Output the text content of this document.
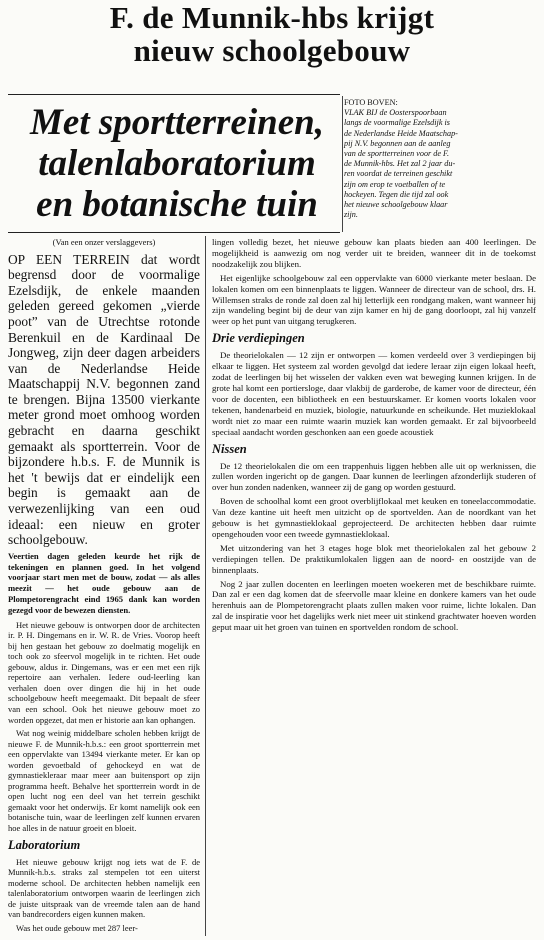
F. de Munnik-hbs krijgt
nieuw schoolgebouw
Met sportterreinen,
talenlaboratorium
en botanische tuin
FOTO BOVEN:
VLAK BIJ de Oosterspoorbaan
langs de voormalige Ezelsdijk is
de Nederlandse Heide Maatschap-
pij N.V. begonnen aan de aanleg
van de sportterreinen voor de F.
de Munnik-hbs. Het zal 2 jaar du-
ren voordat de terreinen geschikt
zijn om erop te voetballen of te
hockeyen. Tegen die tijd zal ook
het nieuwe schoolgebouw klaar
zijn.

(Van een onzer verslaggevers)

OP EEN TERREIN dat wordt begrensd door de voormalige Ezelsdijk, de enkele maanden geleden gereed gekomen „vierde poot” van de Utrechtse rotonde Berenkuil en de Kardinaal De Jongweg, zijn deer dagen arbeiders van de Nederlandse Heide Maatschappij N.V. begonnen zand te brengen. Bijna 13500 vierkante meter grond moet omhoog worden gebracht en daarna geschikt gemaakt als sportterrein. Voor de bijzondere h.b.s. F. de Munnik is het 't bewijs dat er eindelijk een begin is gemaakt aan de verwezenlijking van een oud ideaal: een nieuw en groter schoolgebouw.

Veertien dagen geleden keurde het rijk de tekeningen en plannen goed. In het volgend voorjaar start men met de bouw, zodat — als alles meezit — het oude gebouw aan de Plompetorengracht eind 1965 dank kan worden gezegd voor de bewezen diensten.

Het nieuwe gebouw is ontworpen door de architecten ir. P. H. Dingemans en ir. W. R. de Vries. Voorop heeft bij hen gestaan het gebouw zo doelmatig mogelijk en toch ook zo sfeervol mogelijk in te richten. Het oude gebouw, aldus ir. Dingemans, was er een met een rijk repertoire aan verhalen. Iedere oud-leerling kan verhalen doen over dingen die hij in het oude schoolgebouw heeft meegemaakt. Dit bepaalt de sfeer van een school. Ook het nieuwe gebouw moet zo worden opgezet, dat men er historie aan kan ophangen.

Wat nog weinig middelbare scholen hebben krijgt de nieuwe F. de Munnik-h.b.s.: een groot sportterrein met een oppervlakte van 13494 vierkante meter. Er kan op worden gevoetbald of gehockeyd en wat de gymnastiekleraar maar meer aan buitensport op zijn programma heeft. Behalve het sportterrein wordt in de open lucht nog een deel van het terrein geschikt gemaakt voor het onderwijs. Er komt namelijk ook een botanische tuin, waar de leerlingen zelf kunnen ervaren hoe alles in de natuur groeit en bloeit.

Laboratorium

Het nieuwe gebouw krijgt nog iets wat de F. de Munnik-h.b.s. straks zal stempelen tot een uiterst moderne school. De architecten hebben namelijk een talenlaboratorium ontworpen waarin de leerlingen zich de juiste uitspraak van de vreemde talen aan de hand van bandrecorders eigen kunnen maken.

Was het oude gebouw met 287 leer-

lingen volledig bezet, het nieuwe gebouw kan plaats bieden aan 400 leerlingen. De mogelijkheid is aanwezig om nog verder uit te breiden, wanneer dit in de toekomst noodzakelijk zou blijken.

Het eigenlijke schoolgebouw zal een oppervlakte van 6000 vierkante meter beslaan. De lokalen komen om een binnenplaats te liggen. Wanneer de directeur van de school, drs. H. Willemsen straks de ronde zal doen zal hij letterlijk een rondgang maken, want wanneer hij zijn wandeling begint bij de deur van zijn kamer en hij de gang doorloopt, zal hij vanzelf weer op het punt van uitgang terugkeren.

Drie verdiepingen

De theorielokalen — 12 zijn er ontworpen — komen verdeeld over 3 verdiepingen bij elkaar te liggen. Het systeem zal worden gevolgd dat iedere leraar zijn eigen lokaal heeft, zodat de leerlingen bij het wisselen der vakken even wat beweging kunnen krijgen. In de grote hal komt een portiersloge, daar vlakbij de garderobe, de kamer voor de directeur, één voor de docenten, een bibliotheek en een bestuurskamer. Er komen voorts lokalen voor tekenen, handenarbeid en muziek, biologie, natuurkunde en scheikunde. Het muzieklokaal wordt niet zo maar een ruimte waarin muziek kan worden gemaakt. Er zal bijvoorbeeld speciaal aandacht worden geschonken aan een goede acoustiek

Nissen

De 12 theorielokalen die om een trappenhuis liggen hebben alle uit op werknissen, die zullen worden ingericht op de gangen. Daar kunnen de leerlingen afzonderlijk studeren of over hun zonden nadenken, wanneer zij de gang op worden gestuurd.

Boven de schoolhal komt een groot overblijflokaal met keuken en toneelaccommodatie. Van deze kantine uit heeft men uitzicht op de sportvelden. Aan de noordkant van het gebouw is het gymnastieklokaal geprojecteerd. De architecten hebben daar ruimte opengehouden voor een tweede gymnastieklokaal.

Met uitzondering van het 3 etages hoge blok met theorielokalen zal het gebouw 2 verdiepingen tellen. De praktikumlokalen liggen aan de noord- en oostzijde van de binnenplaats.

Nog 2 jaar zullen docenten en leerlingen moeten woekeren met de beschikbare ruimte. Dan zal er een dag komen dat de sfeervolle maar kleine en donkere kamers van het oude herenhuis aan de Plompetorengracht plaats zullen maken voor ruime, lichte lokalen. Dan zal de inspiratie voor het dagelijks werk niet meer uit stinkend grachtwater hoeven worden geput maar uit het groen van tuinen en sportvelden rondom de school.
